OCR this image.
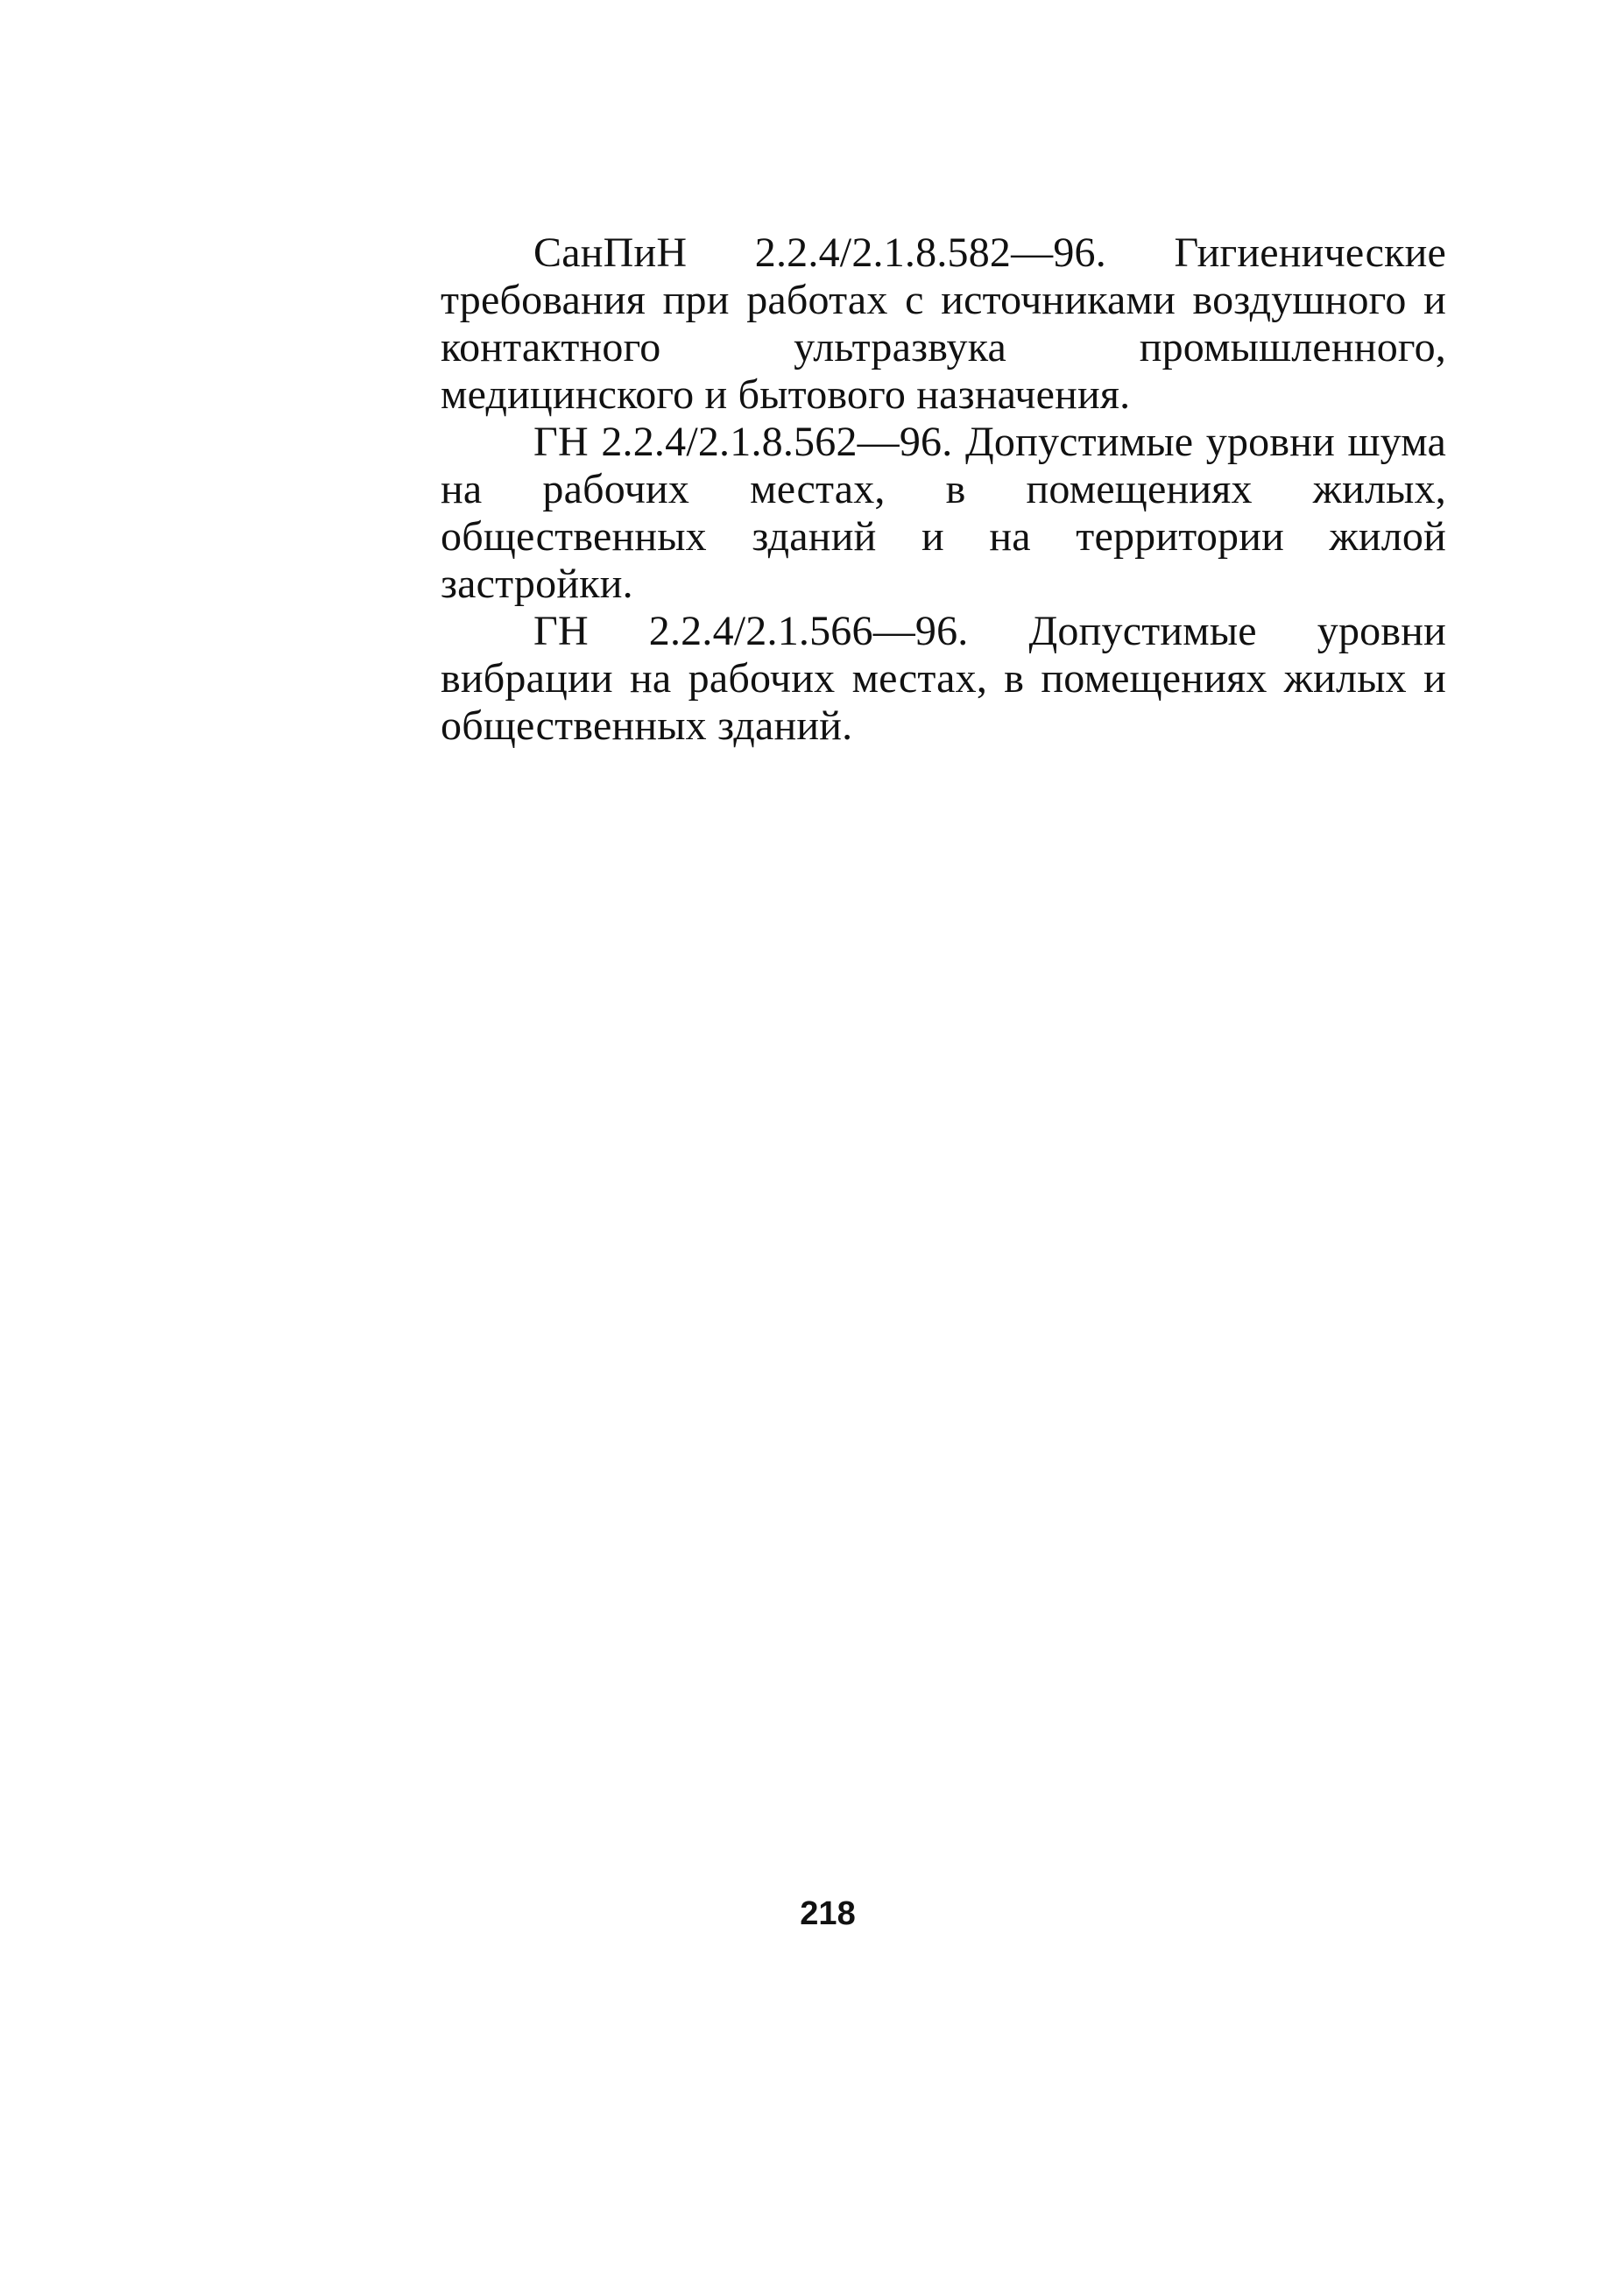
СанПиН 2.2.4/2.1.8.582—96. Гигиенические требования при работах с источниками воздушного и контактного ультразвука промышленного, медицинского и бытового назначения.

ГН 2.2.4/2.1.8.562—96. Допустимые уровни шума на рабочих местах, в помещениях жилых, общественных зданий и на территории жилой застройки.

ГН 2.2.4/2.1.566—96. Допустимые уровни вибрации на рабочих местах, в помещениях жилых и общественных зданий.

218
